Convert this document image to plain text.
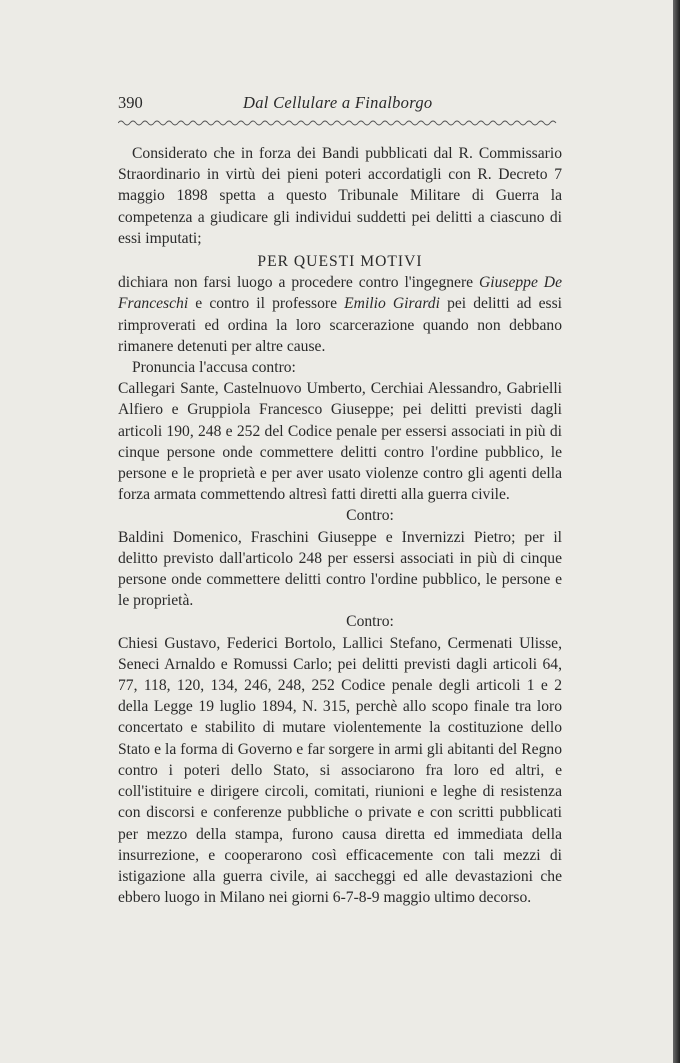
390	Dal Cellulare a Finalborgo

Considerato che in forza dei Bandi pubblicati dal R. Commissario Straordinario in virtù dei pieni poteri accordatigli con R. Decreto 7 maggio 1898 spetta a questo Tribunale Militare di Guerra la competenza a giudicare gli individui suddetti pei delitti a ciascuno di essi imputati;

PER QUESTI MOTIVI

dichiara non farsi luogo a procedere contro l'ingegnere Giuseppe De Franceschi e contro il professore Emilio Girardi pei delitti ad essi rimproverati ed ordina la loro scarcerazione quando non debbano rimanere detenuti per altre cause.

Pronuncia l'accusa contro:

Callegari Sante, Castelnuovo Umberto, Cerchiai Alessandro, Gabrielli Alfiero e Gruppiola Francesco Giuseppe; pei delitti previsti dagli articoli 190, 248 e 252 del Codice penale per essersi associati in più di cinque persone onde commettere delitti contro l'ordine pubblico, le persone e le proprietà e per aver usato violenze contro gli agenti della forza armata commettendo altresì fatti diretti alla guerra civile.

Contro:

Baldini Domenico, Fraschini Giuseppe e Invernizzi Pietro; per il delitto previsto dall'articolo 248 per essersi associati in più di cinque persone onde commettere delitti contro l'ordine pubblico, le persone e le proprietà.

Contro:

Chiesi Gustavo, Federici Bortolo, Lallici Stefano, Cermenati Ulisse, Seneci Arnaldo e Romussi Carlo; pei delitti previsti dagli articoli 64, 77, 118, 120, 134, 246, 248, 252 Codice penale degli articoli 1 e 2 della Legge 19 luglio 1894, N. 315, perchè allo scopo finale tra loro concertato e stabilito di mutare violentemente la costituzione dello Stato e la forma di Governo e far sorgere in armi gli abitanti del Regno contro i poteri dello Stato, si associarono fra loro ed altri, e coll'istituire e dirigere circoli, comitati, riunioni e leghe di resistenza con discorsi e conferenze pubbliche o private e con scritti pubblicati per mezzo della stampa, furono causa diretta ed immediata della insurrezione, e cooperarono così efficacemente con tali mezzi di istigazione alla guerra civile, ai saccheggi ed alle devastazioni che ebbero luogo in Milano nei giorni 6-7-8-9 maggio ultimo decorso.
